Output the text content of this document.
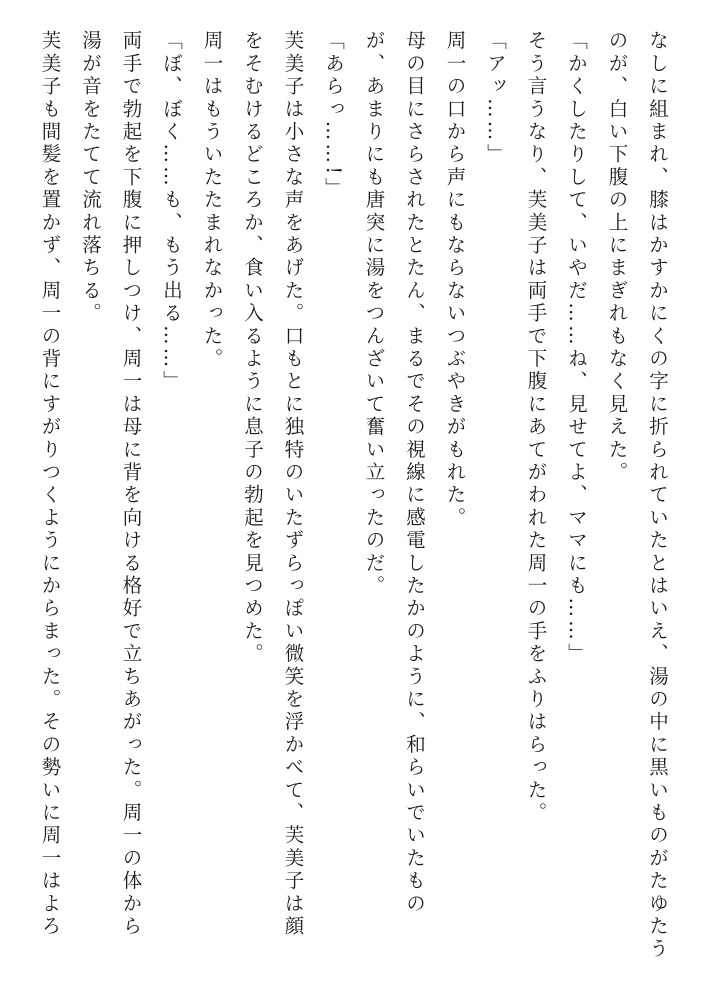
なしに組まれ、膝はかすかにくの字に折られていたとはいえ、湯の中に黒いものがたゆたう
のが、白い下腹の上にまぎれもなく見えた。
「かくしたりして、いやだ……ね、見せてよ、ママにも……」
そう言うなり、芙美子は両手で下腹にあてがわれた周一の手をふりはらった。
「アッ……」
周一の口から声にもならないつぶやきがもれた。
母の目にさらされたとたん、まるでその視線に感電したかのように、和らいでいたもの
が、あまりにも唐突に湯をつんざいて奮い立ったのだ。
「あらっ……!」
芙美子は小さな声をあげた。口もとに独特のいたずらっぽい微笑を浮かべて、芙美子は顔
をそむけるどころか、食い入るように息子の勃起を見つめた。
周一はもういたたまれなかった。
「ぼ、ぼく……も、もう出る……」
両手で勃起を下腹に押しつけ、周一は母に背を向ける格好で立ちあがった。周一の体から
湯が音をたてて流れ落ちる。
芙美子も間髪を置かず、周一の背にすがりつくようにからまった。その勢いに周一はよろ
